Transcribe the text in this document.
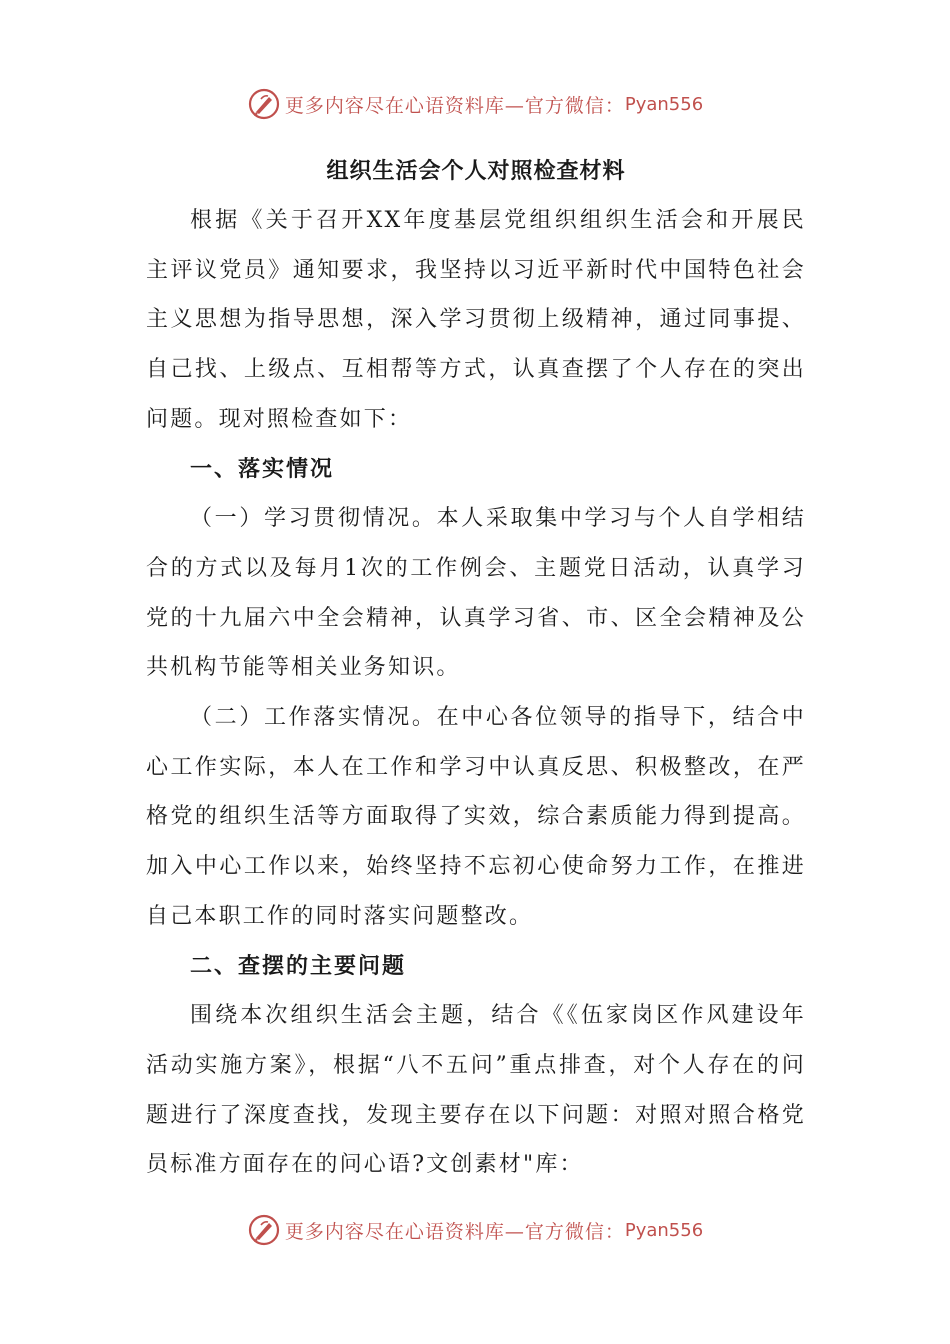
更多内容尽在心语资料库—官方微信： Pyan556
组织生活会个人对照检查材料

根据《关于召开XX年度基层党组织组织生活会和开展民主评议党员》通知要求，我坚持以习近平新时代中国特色社会主义思想为指导思想，深入学习贯彻上级精神，通过同事提、自己找、上级点、互相帮等方式，认真查摆了个人存在的突出问题。现对照检查如下：

一、落实情况

（一）学习贯彻情况。本人采取集中学习与个人自学相结合的方式以及每月1次的工作例会、主题党日活动，认真学习党的十九届六中全会精神，认真学习省、市、区全会精神及公共机构节能等相关业务知识。

（二）工作落实情况。在中心各位领导的指导下，结合中心工作实际，本人在工作和学习中认真反思、积极整改，在严格党的组织生活等方面取得了实效，综合素质能力得到提高。加入中心工作以来，始终坚持不忘初心使命努力工作，在推进自己本职工作的同时落实问题整改。

二、查摆的主要问题

围绕本次组织生活会主题，结合《《伍家岗区作风建设年活动实施方案》，根据“八不五问”重点排查，对个人存在的问题进行了深度查找，发现主要存在以下问题：对照对照合格党员标准方面存在的问心语?文创素材"库：

更多内容尽在心语资料库—官方微信： Pyan556
